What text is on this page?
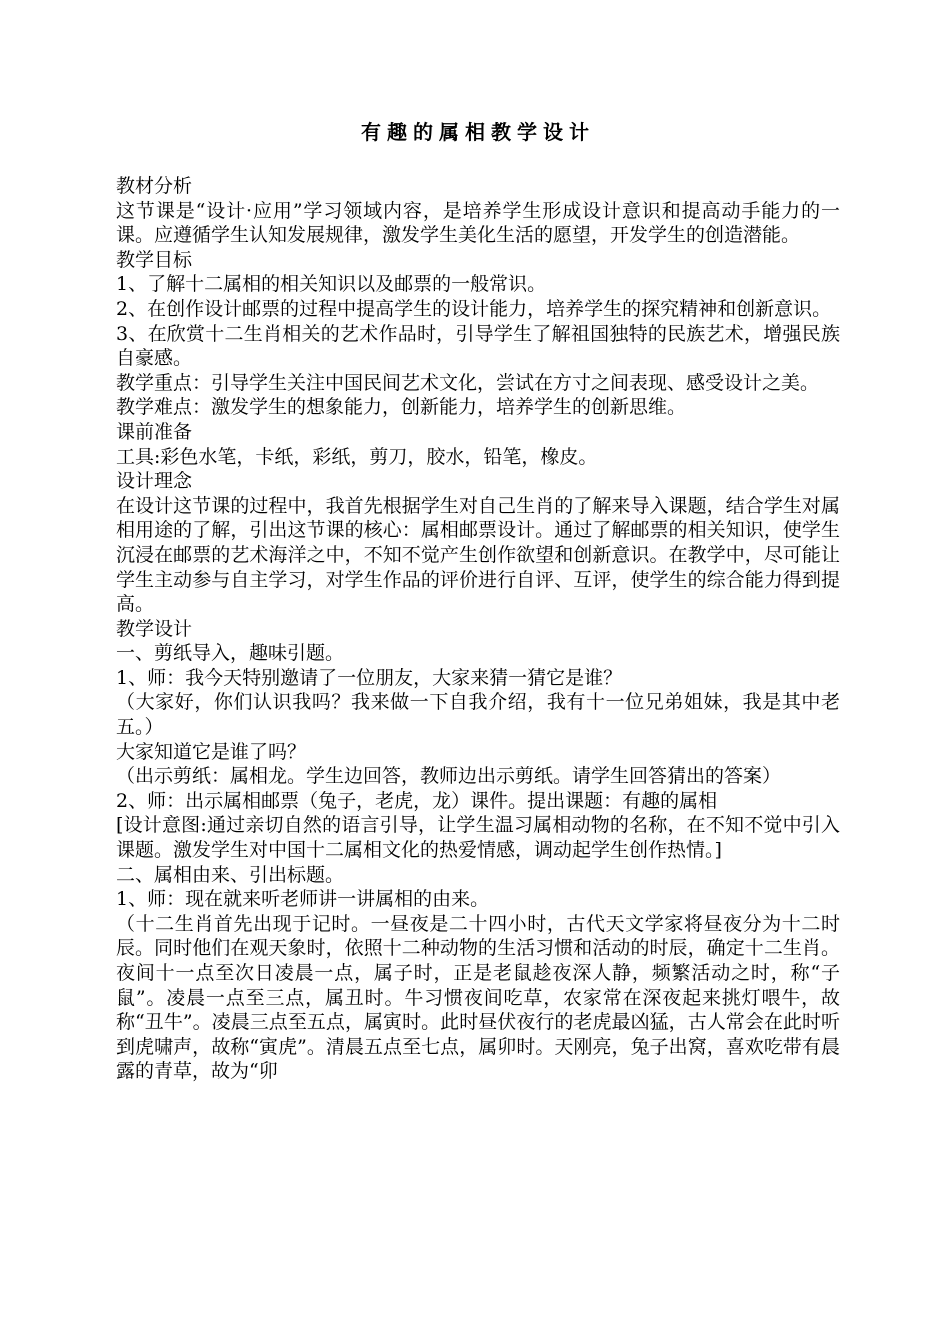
有趣的属相教学设计

教材分析

这节课是“设计·应用”学习领域内容，是培养学生形成设计意识和提高动手能力的一课。应遵循学生认知发展规律，激发学生美化生活的愿望，开发学生的创造潜能。

教学目标

1、了解十二属相的相关知识以及邮票的一般常识。

2、在创作设计邮票的过程中提高学生的设计能力，培养学生的探究精神和创新意识。

3、在欣赏十二生肖相关的艺术作品时，引导学生了解祖国独特的民族艺术，增强民族自豪感。

教学重点：引导学生关注中国民间艺术文化，尝试在方寸之间表现、感受设计之美。

教学难点：激发学生的想象能力，创新能力，培养学生的创新思维。

课前准备

工具:彩色水笔，卡纸，彩纸，剪刀，胶水，铅笔，橡皮。

设计理念

在设计这节课的过程中，我首先根据学生对自己生肖的了解来导入课题，结合学生对属相用途的了解，引出这节课的核心：属相邮票设计。通过了解邮票的相关知识，使学生沉浸在邮票的艺术海洋之中，不知不觉产生创作欲望和创新意识。在教学中，尽可能让学生主动参与自主学习，对学生作品的评价进行自评、互评，使学生的综合能力得到提高。

教学设计

一、剪纸导入，趣味引题。

1、师：我今天特别邀请了一位朋友，大家来猜一猜它是谁？

（大家好，你们认识我吗？我来做一下自我介绍，我有十一位兄弟姐妹，我是其中老五。）

大家知道它是谁了吗？

（出示剪纸：属相龙。学生边回答，教师边出示剪纸。请学生回答猜出的答案）

2、师：出示属相邮票（兔子，老虎，龙）课件。提出课题：有趣的属相

[设计意图:通过亲切自然的语言引导，让学生温习属相动物的名称，在不知不觉中引入课题。激发学生对中国十二属相文化的热爱情感，调动起学生创作热情。]

二、属相由来、引出标题。

1、师：现在就来听老师讲一讲属相的由来。

（十二生肖首先出现于记时。一昼夜是二十四小时，古代天文学家将昼夜分为十二时辰。同时他们在观天象时，依照十二种动物的生活习惯和活动的时辰，确定十二生肖。夜间十一点至次日凌晨一点，属子时，正是老鼠趁夜深人静，频繁活动之时，称“子鼠”。凌晨一点至三点，属丑时。牛习惯夜间吃草，农家常在深夜起来挑灯喂牛，故称“丑牛”。凌晨三点至五点，属寅时。此时昼伏夜行的老虎最凶猛，古人常会在此时听到虎啸声，故称“寅虎”。清晨五点至七点，属卯时。天刚亮，兔子出窝，喜欢吃带有晨露的青草，故为“卯
